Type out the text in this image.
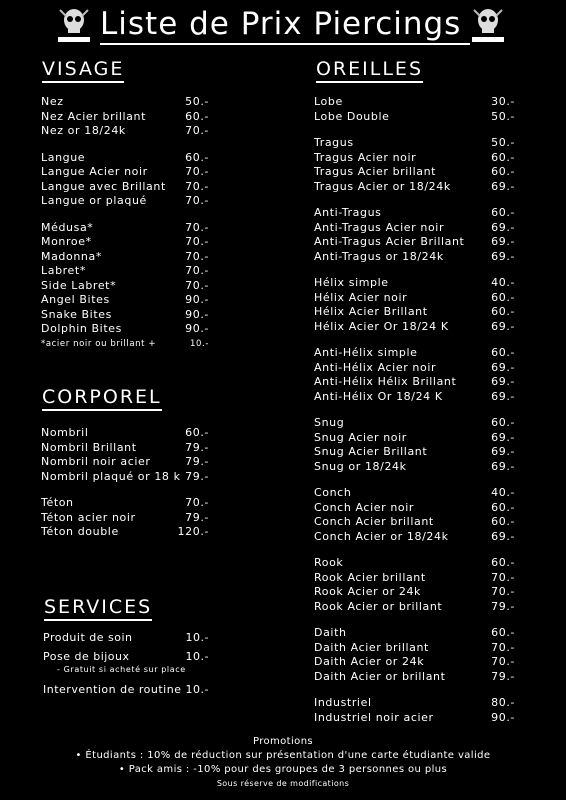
Liste de Prix Piercings
VISAGE
Nez	50.-
Nez Acier brillant	60.-
Nez or 18/24k	70.-
Langue	60.-
Langue Acier noir	70.-
Langue avec Brillant 70.-
Langue or plaqué	70.-
Médusa*	70.-
Monroe*	70.-
Madonna*	70.-
Labret*	70.-
Side Labret*	70.-
Angel Bites	90.-
Snake Bites	90.-
Dolphin Bites	90.-
*acier noir ou brillant +	10.-
CORPOREL
Nombril	60.-
Nombril Brillant	79.-
Nombril noir acier	79.-
Nombril plaqué or 18 k 79.-
Téton	70.-
Téton acier noir	79.-
Téton double	120.-
SERVICES
Produit de soin	10.-
Pose de bijoux	10.-
- Gratuit si acheté sur place
Intervention de routine 10.-
OREILLES
Lobe	30.-
Lobe Double	50.-
Tragus	50.-
Tragus Acier noir	60.-
Tragus Acier brillant	60.-
Tragus Acier or 18/24k	69.-
Anti-Tragus	60.-
Anti-Tragus Acier noir	69.-
Anti-Tragus Acier Brillant 69.-
Anti-Tragus or 18/24k	69.-
Hélix simple	40.-
Hélix Acier noir	60.-
Hélix Acier Brillant	60.-
Hélix Acier Or 18/24 K	69.-
Anti-Hélix simple	60.-
Anti-Hélix Acier noir	69.-
Anti-Hélix Hélix Brillant	69.-
Anti-Hélix Or 18/24 K	69.-
Snug	60.-
Snug Acier noir	69.-
Snug Acier Brillant	69.-
Snug or 18/24k	69.-
Conch	40.-
Conch Acier noir	60.-
Conch Acier brillant	60.-
Conch Acier or 18/24k	69.-
Rook	60.-
Rook Acier brillant	70.-
Rook Acier or 24k	70.-
Rook Acier or brillant	79.-
Daith	60.-
Daith Acier brillant	70.-
Daith Acier or 24k	70.-
Daith Acier or brillant	79.-
Industriel	80.-
Industriel noir acier	90.-
Promotions
• Étudiants : 10% de réduction sur présentation d'une carte étudiante valide
• Pack amis : -10% pour des groupes de 3 personnes ou plus
Sous réserve de modifications
